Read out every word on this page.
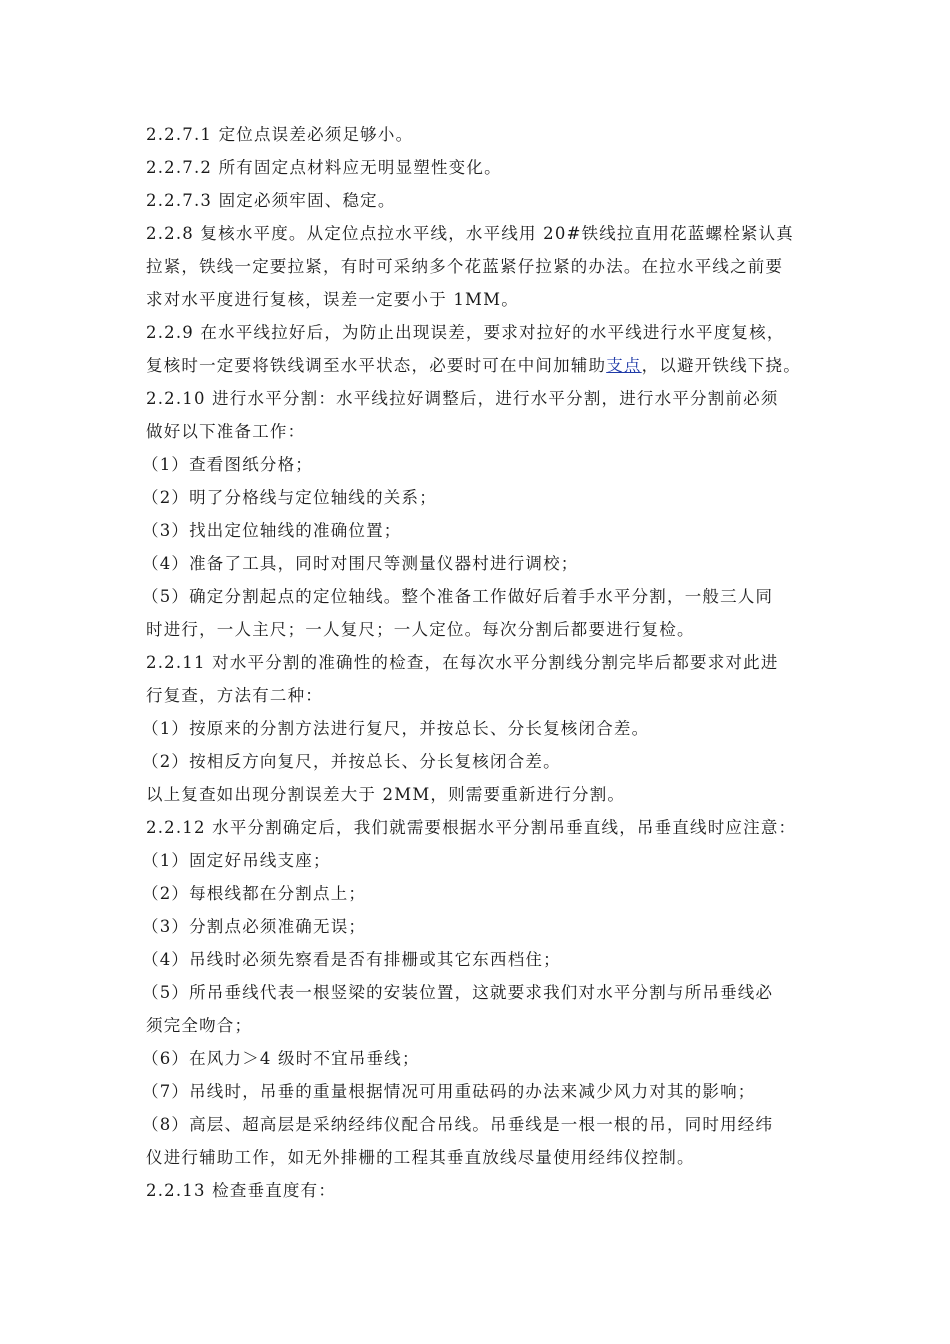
2.2.7.1 定位点误差必须足够小。
2.2.7.2 所有固定点材料应无明显塑性变化。
2.2.7.3 固定必须牢固、稳定。
2.2.8 复核水平度。从定位点拉水平线，水平线用 20#铁线拉直用花蓝螺栓紧认真
拉紧，铁线一定要拉紧，有时可采纳多个花蓝紧仔拉紧的办法。在拉水平线之前要
求对水平度进行复核，误差一定要小于 1MM。
2.2.9 在水平线拉好后，为防止出现误差，要求对拉好的水平线进行水平度复核，
复核时一定要将铁线调至水平状态，必要时可在中间加辅助支点，以避开铁线下挠。
2.2.10 进行水平分割：水平线拉好调整后，进行水平分割，进行水平分割前必须
做好以下准备工作：
（1）查看图纸分格；
（2）明了分格线与定位轴线的关系；
（3）找出定位轴线的准确位置；
（4）准备了工具，同时对围尺等测量仪器村进行调校；
（5）确定分割起点的定位轴线。整个准备工作做好后着手水平分割，一般三人同
时进行，一人主尺；一人复尺；一人定位。每次分割后都要进行复检。
2.2.11 对水平分割的准确性的检查，在每次水平分割线分割完毕后都要求对此进
行复查，方法有二种：
（1）按原来的分割方法进行复尺，并按总长、分长复核闭合差。
（2）按相反方向复尺，并按总长、分长复核闭合差。
以上复查如出现分割误差大于 2MM，则需要重新进行分割。
2.2.12 水平分割确定后，我们就需要根据水平分割吊垂直线，吊垂直线时应注意：
（1）固定好吊线支座；
（2）每根线都在分割点上；
（3）分割点必须准确无误；
（4）吊线时必须先察看是否有排栅或其它东西档住；
（5）所吊垂线代表一根竖梁的安装位置，这就要求我们对水平分割与所吊垂线必
须完全吻合；
（6）在风力＞4 级时不宜吊垂线；
（7）吊线时，吊垂的重量根据情况可用重砝码的办法来减少风力对其的影响；
（8）高层、超高层是采纳经纬仪配合吊线。吊垂线是一根一根的吊，同时用经纬
仪进行辅助工作，如无外排栅的工程其垂直放线尽量使用经纬仪控制。
2.2.13 检查垂直度有：
